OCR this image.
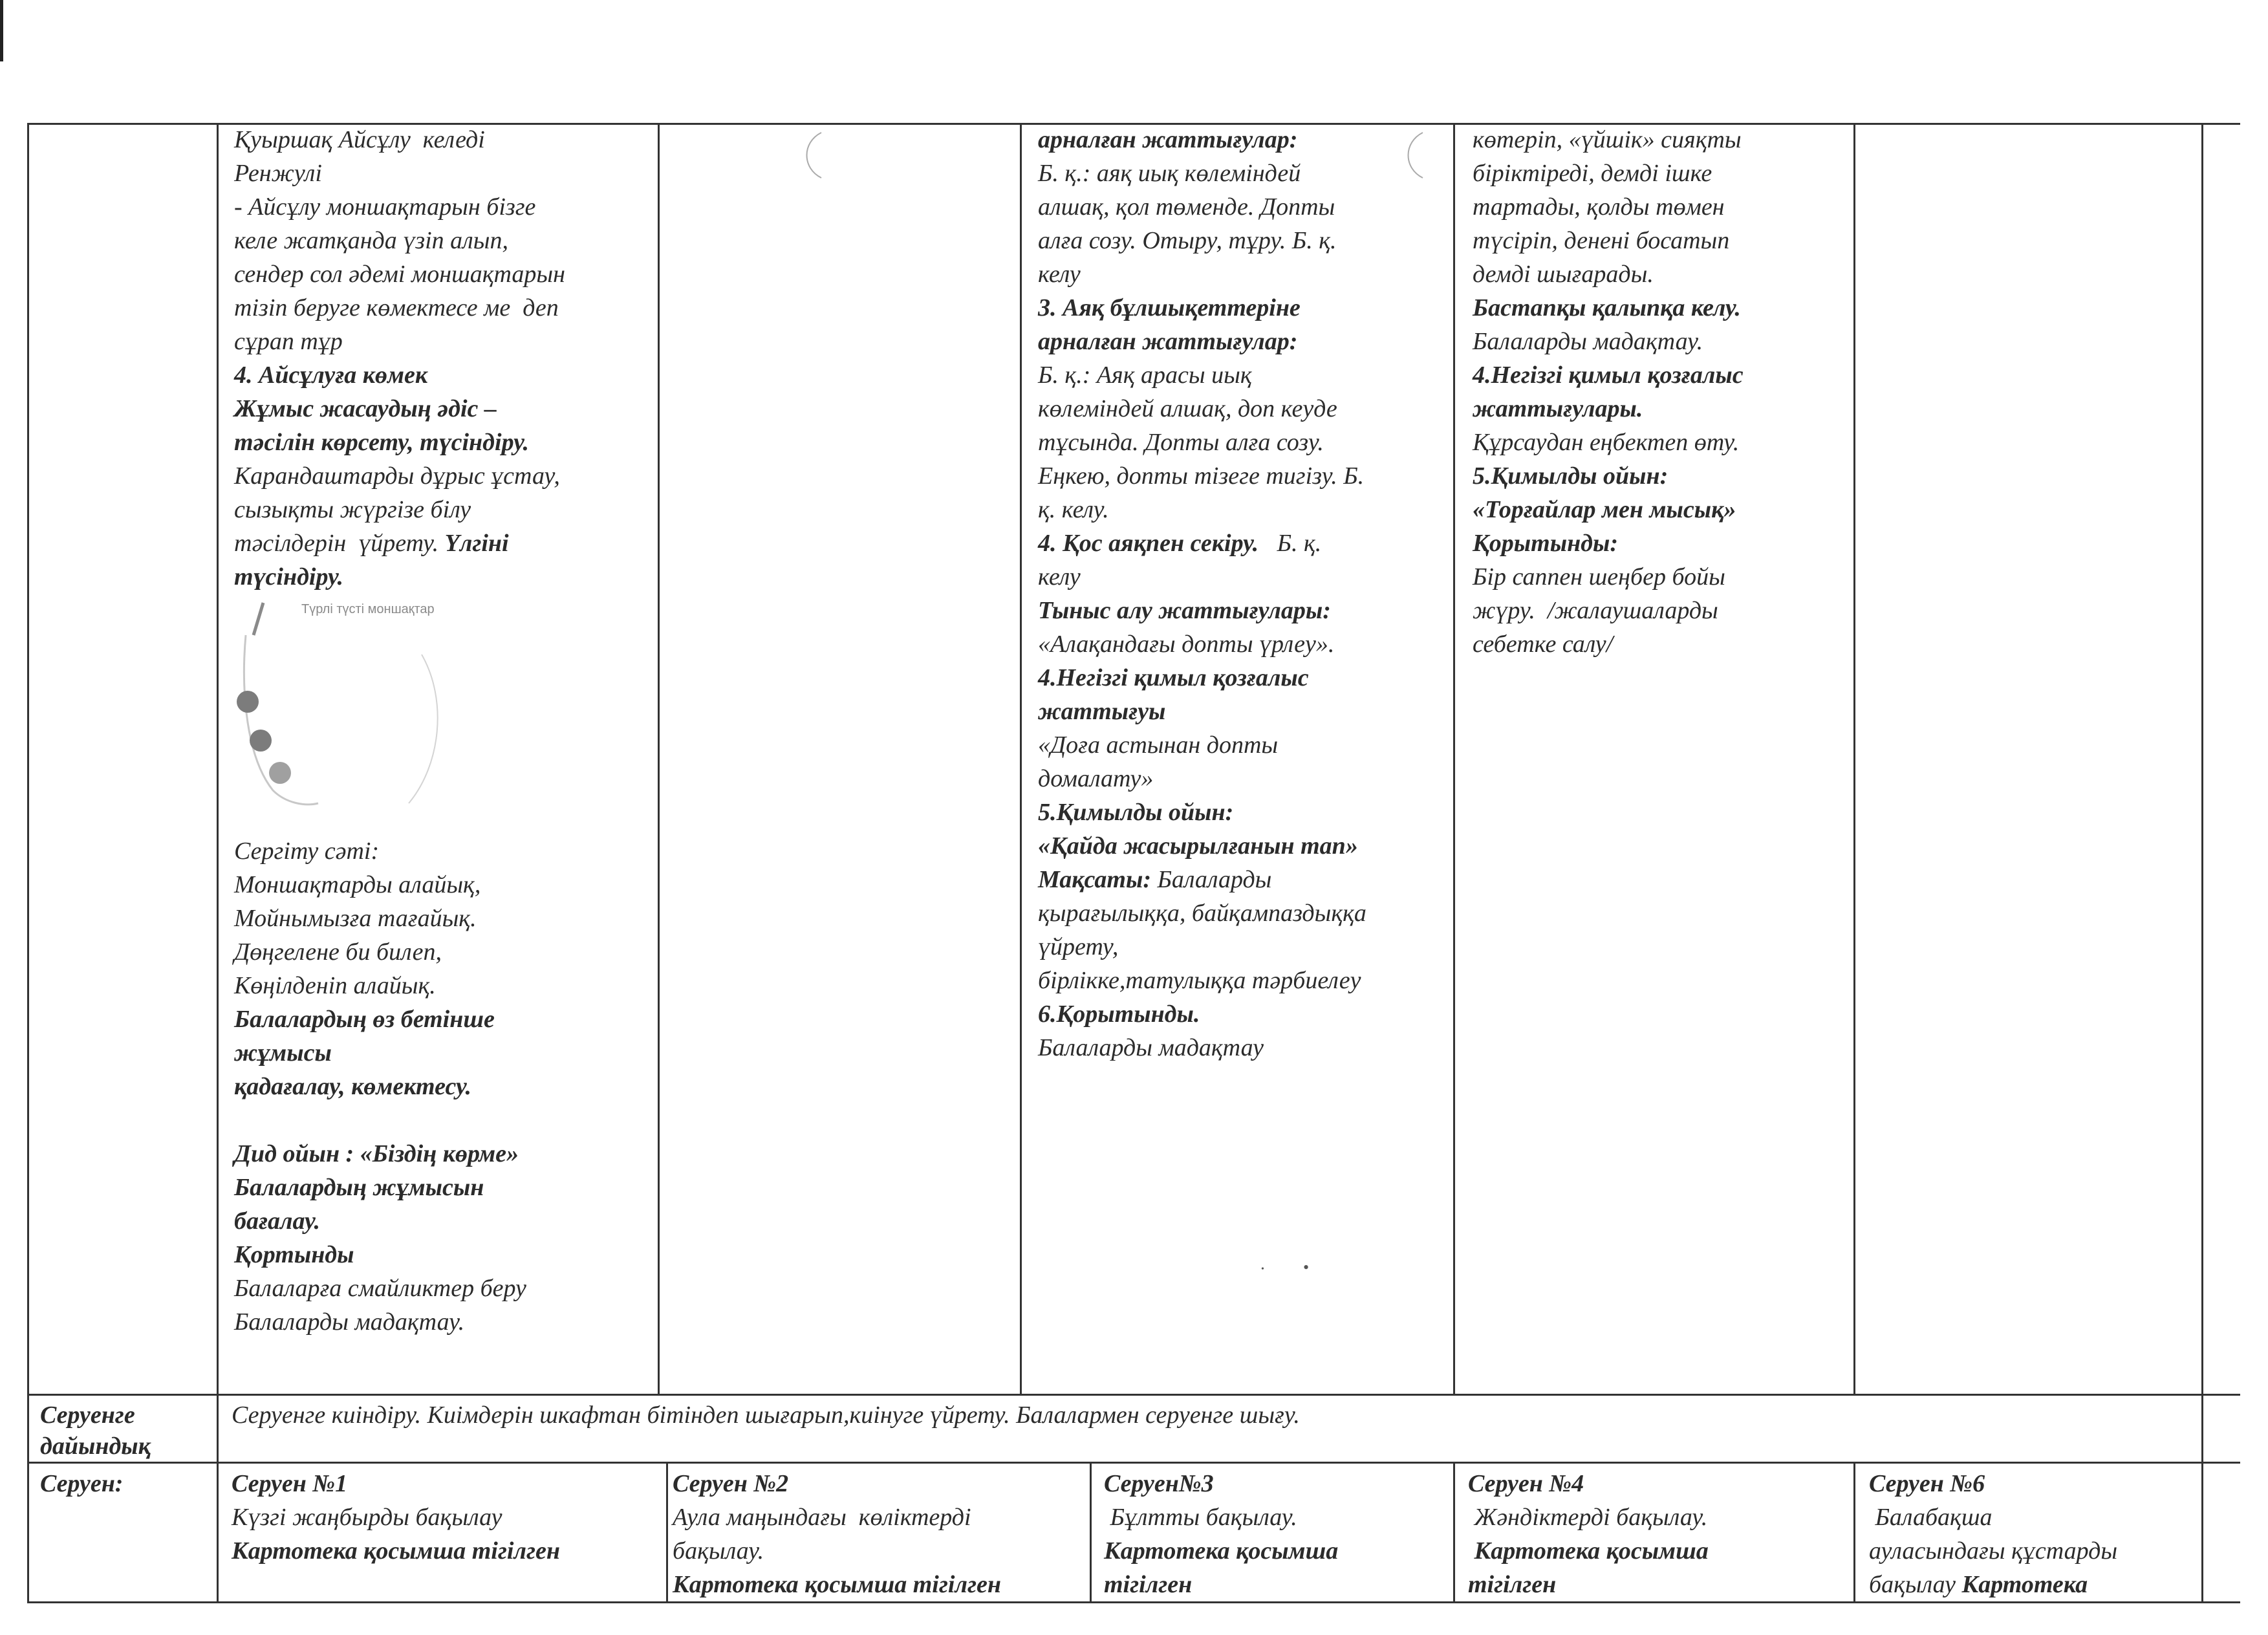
Қуыршақ Айсұлу  келеді
Ренжулі
- Айсұлу моншақтарын бізге
келе жатқанда үзіп алып,
сендер сол әдемі моншақтарын
тізіп беруге көмектесе ме  деп
сұрап тұр
4. Айсұлуға көмек
Жұмыс жасаудың әдіс –
тәсілін көрсету, түсіндіру.
Карандаштарды дұрыс ұстау,
сызықты жүргізе білу
тәсілдерін  үйрету. Үлгіні
түсіндіру.
Түрлі түсті моншақтар
Сергіту сәті:
Моншақтарды алайық,
Мойнымызға тағайық.
Дөңгелене би билеп,
Көңілденіп алайық.
Балалардың өз бетінше
жұмысы
қадағалау, көмектесу.

Дид ойын : «Біздің көрме»
Балалардың жұмысын
бағалау.
Қортынды
Балаларға смайликтер беру
Балаларды мадақтау.
арналған жаттығулар:
Б. қ.: аяқ иық көлеміндей
алшақ, қол төменде. Допты
алға созу. Отыру, тұру. Б. қ.
келу
3. Аяқ бұлшықеттеріне
арналған жаттығулар:
Б. қ.: Аяқ арасы иық
көлеміндей алшақ, доп кеуде
тұсында. Допты алға созу.
Еңкею, допты тізеге тигізу. Б.
қ. келу.
4. Қос аяқпен секіру.   Б. қ.
келу
Тыныс алу жаттығулары:
«Алақандағы допты үрлеу».
4.Негізгі қимыл қозғалыс
жаттығуы
«Доға астынан допты
домалату»
5.Қимылды ойын:
«Қайда жасырылғанын тап»
Мақсаты: Балаларды
қырағылыққа, байқампаздыққа
үйрету,
бірлікке,татулыққа тәрбиелеу
6.Қорытынды.
Балаларды мадақтау
көтеріп, «үйшік» сияқты
біріктіреді, демді ішке
тартады, қолды төмен
түсіріп, денені босатып
демді шығарады.
Бастапқы қалыпқа келу.
Балаларды мадақтау.
4.Негізгі қимыл қозғалыс
жаттығулары.
Құрсаудан еңбектеп өту.
5.Қимылды ойын:
«Торғайлар мен мысық»
Қорытынды:
Бір саппен шеңбер бойы
жүру.  /жалаушаларды
себетке салу/
•
•
Серуенге
дайындық
Серуенге киіндіру. Киімдерін шкафтан бітіндеп шығарып,киінуге үйрету. Балалармен серуенге шығу.
Серуен:	Серуен №1
Күзгі жаңбырды бақылау
Картотека қосымша тігілген
Серуен №2
Аула маңындағы  көліктерді
бақылау.
Картотека қосымша тігілген
Серуен№3
Бұлтты бақылау.
Картотека қосымша
тігілген
Серуен №4
Жәндіктерді бақылау.
Картотека қосымша
тігілген
Серуен №6
Балабақша
ауласындағы құстарды
бақылау Картотека
